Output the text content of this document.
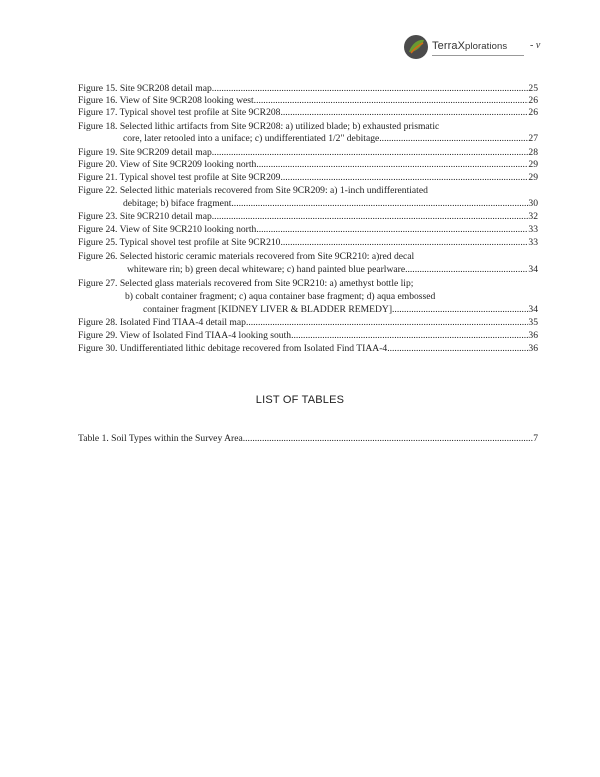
TerraXplorations - v
Figure 15. Site 9CR208 detail map .....	25
Figure 16. View of Site 9CR208 looking west .....	26
Figure 17. Typical shovel test profile at Site 9CR208 .....	26
Figure 18. Selected lithic artifacts from Site 9CR208: a) utilized blade; b) exhausted prismatic
core, later retooled into a uniface; c) undifferentiated 1/2" debitage .....	27
Figure 19. Site 9CR209 detail map .....	28
Figure 20. View of Site 9CR209 looking north .....	29
Figure 21. Typical shovel test profile at Site 9CR209 .....	29
Figure 22. Selected lithic materials recovered from Site 9CR209: a) 1-inch undifferentiated
debitage; b) biface fragment.. .....	30
Figure 23. Site 9CR210 detail map .....	32
Figure 24. View of Site 9CR210 looking north .....	33
Figure 25. Typical shovel test profile at Site 9CR210 .....	33
Figure 26. Selected historic ceramic materials recovered from Site 9CR210: a)red decal
whiteware rin; b) green decal whiteware; c) hand painted blue pearlware .....	34
Figure 27. Selected glass materials recovered from Site 9CR210: a) amethyst bottle lip;
b) cobalt container fragment; c) aqua container base fragment; d) aqua embossed
container fragment [KIDNEY LIVER & BLADDER REMEDY] .....	34
Figure 28. Isolated Find TIAA-4 detail map .....	35
Figure 29. View of Isolated Find TIAA-4 looking south .....	36
Figure 30. Undifferentiated lithic debitage recovered from Isolated Find TIAA-4 .....	36
LIST OF TABLES
Table 1. Soil Types within the Survey Area .....	7
